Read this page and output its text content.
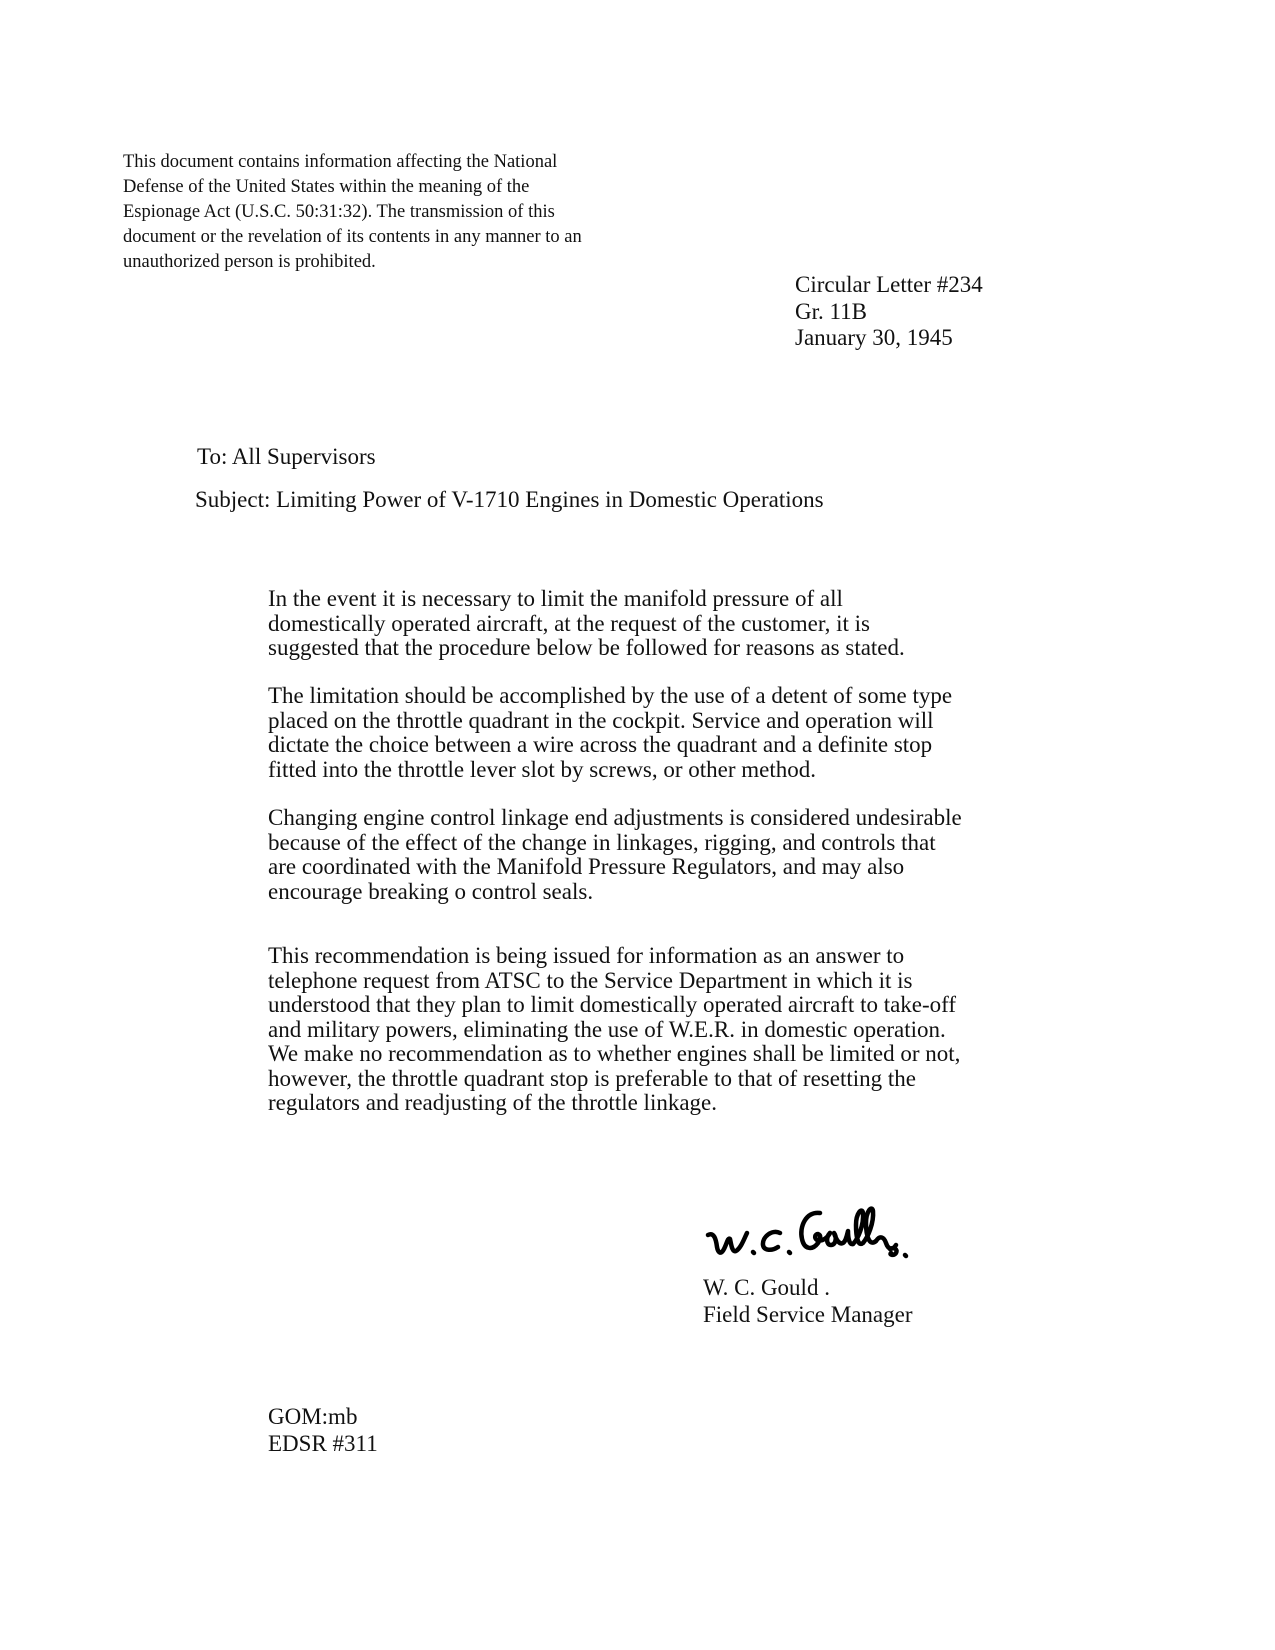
This document contains information affecting the National
Defense of the United States within the meaning of the
Espionage Act (U.S.C. 50:31:32). The transmission of this
document or the revelation of its contents in any manner to an
unauthorized person is prohibited.
Circular Letter #234
Gr. 11B
January 30, 1945
To: All Supervisors
Subject: Limiting Power of V-1710 Engines in Domestic Operations
In the event it is necessary to limit the manifold pressure of all
domestically operated aircraft, at the request of the customer, it is
suggested that the procedure below be followed for reasons as stated.
The limitation should be accomplished by the use of a detent of some type
placed on the throttle quadrant in the cockpit. Service and operation will
dictate the choice between a wire across the quadrant and a definite stop
fitted into the throttle lever slot by screws, or other method.
Changing engine control linkage end adjustments is considered undesirable
because of the effect of the change in linkages, rigging, and controls that
are coordinated with the Manifold Pressure Regulators, and may also
encourage breaking o control seals.
This recommendation is being issued for information as an answer to
telephone request from ATSC to the Service Department in which it is
understood that they plan to limit domestically operated aircraft to take-off
and military powers, eliminating the use of W.E.R. in domestic operation.
We make no recommendation as to whether engines shall be limited or not,
however, the throttle quadrant stop is preferable to that of resetting the
regulators and readjusting of the throttle linkage.
W. C. Gould .
Field Service Manager
GOM:mb
EDSR #311
